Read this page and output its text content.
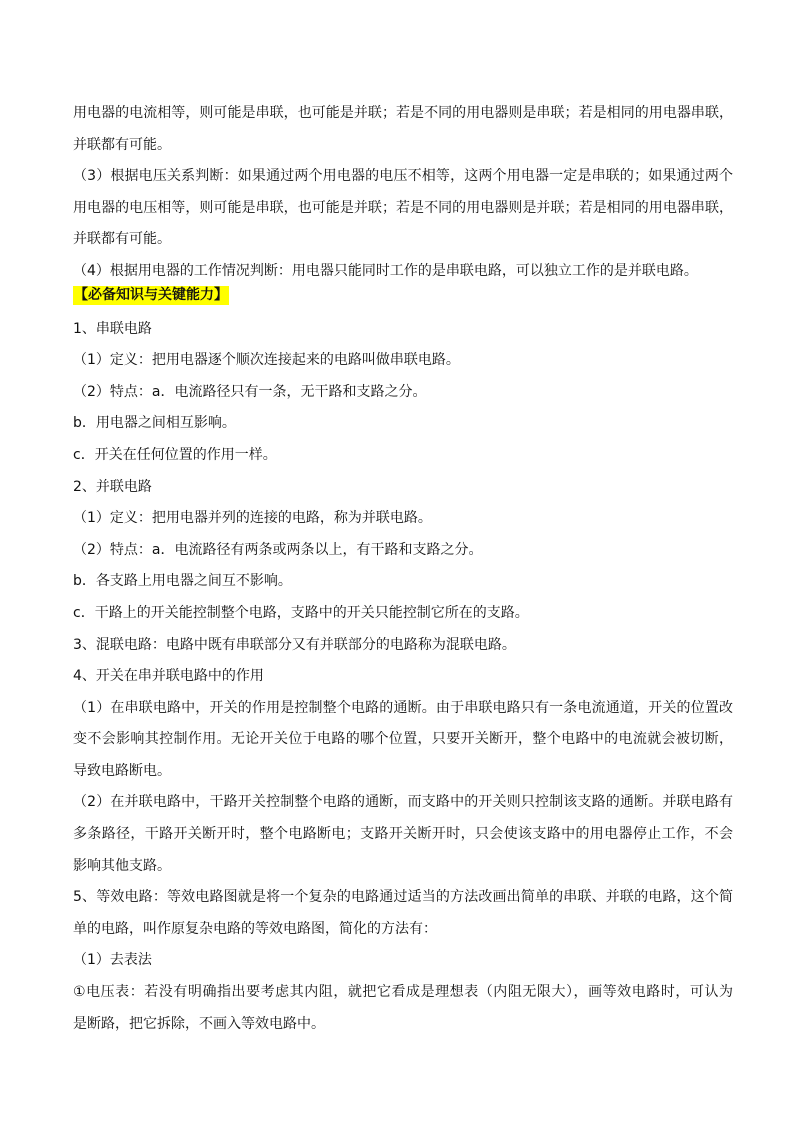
用电器的电流相等，则可能是串联，也可能是并联；若是不同的用电器则是串联；若是相同的用电器串联，
并联都有可能。
（3）根据电压关系判断：如果通过两个用电器的电压不相等，这两个用电器一定是串联的；如果通过两个
用电器的电压相等，则可能是串联，也可能是并联；若是不同的用电器则是并联；若是相同的用电器串联，
并联都有可能。
（4）根据用电器的工作情况判断：用电器只能同时工作的是串联电路，可以独立工作的是并联电路。
【必备知识与关键能力】
1、串联电路
（1）定义：把用电器逐个顺次连接起来的电路叫做串联电路。
（2）特点：a．电流路径只有一条，无干路和支路之分。
b．用电器之间相互影响。
c．开关在任何位置的作用一样。
2、并联电路
（1）定义：把用电器并列的连接的电路，称为并联电路。
（2）特点：a．电流路径有两条或两条以上，有干路和支路之分。
b．各支路上用电器之间互不影响。
c．干路上的开关能控制整个电路，支路中的开关只能控制它所在的支路。
3、混联电路：电路中既有串联部分又有并联部分的电路称为混联电路。
4、开关在串并联电路中的作用
（1）在串联电路中，开关的作用是控制整个电路的通断。由于串联电路只有一条电流通道，开关的位置改
变不会影响其控制作用。无论开关位于电路的哪个位置，只要开关断开，整个电路中的电流就会被切断，
导致电路断电。
（2）在并联电路中，干路开关控制整个电路的通断，而支路中的开关则只控制该支路的通断。并联电路有
多条路径，干路开关断开时，整个电路断电；支路开关断开时，只会使该支路中的用电器停止工作，不会
影响其他支路。
5、等效电路：等效电路图就是将一个复杂的电路通过适当的方法改画出简单的串联、并联的电路，这个简
单的电路，叫作原复杂电路的等效电路图，简化的方法有：
（1）去表法
①电压表：若没有明确指出要考虑其内阻，就把它看成是理想表（内阻无限大），画等效电路时，可认为
是断路，把它拆除，不画入等效电路中。
